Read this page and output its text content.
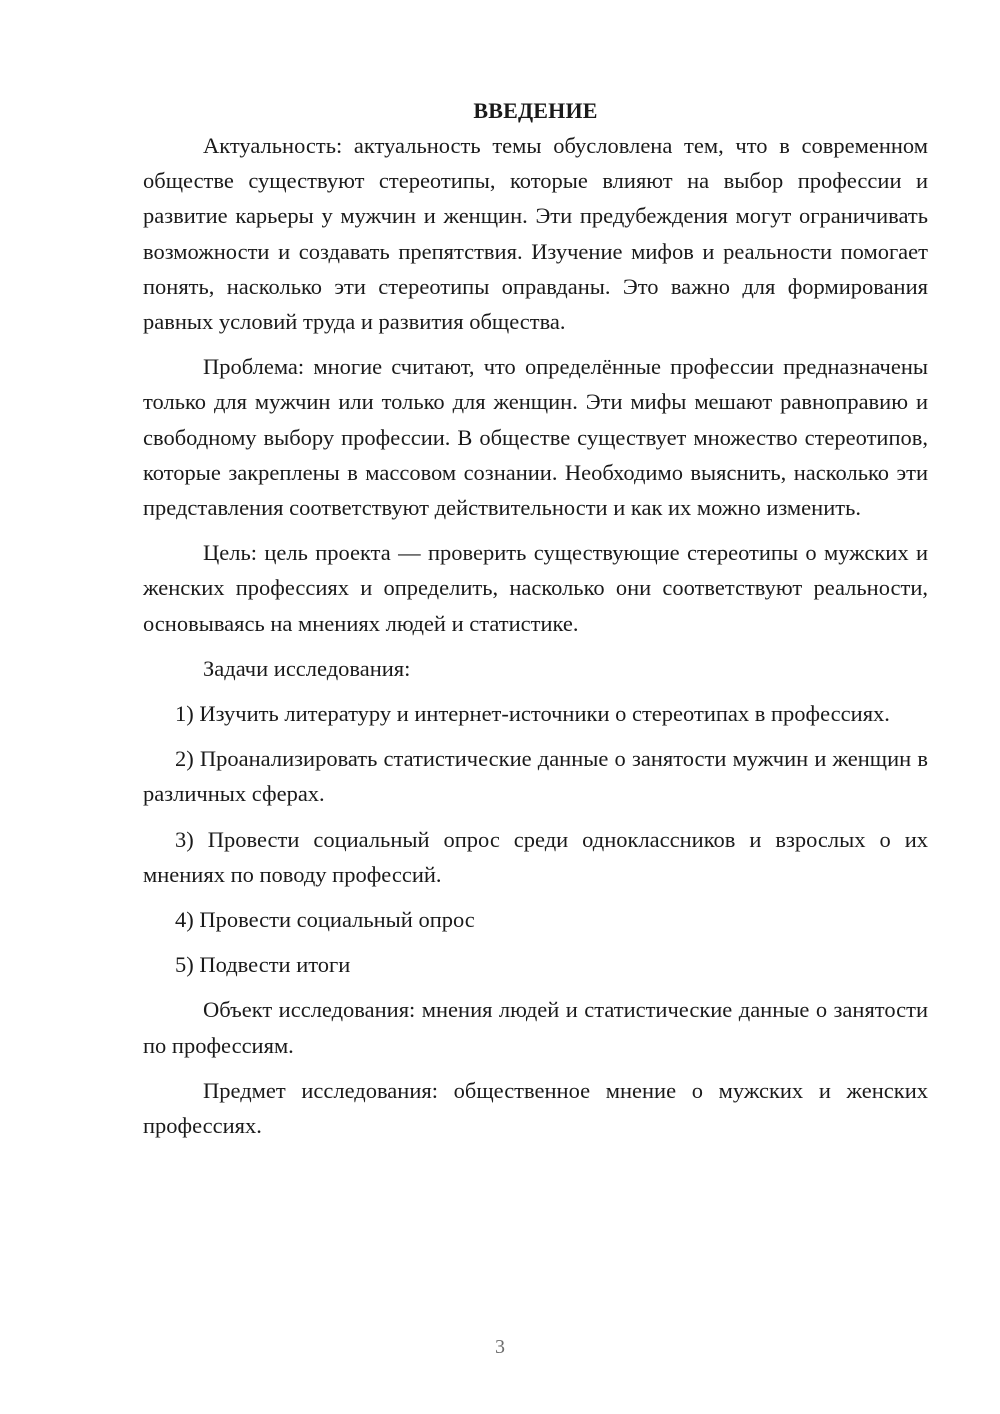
ВВЕДЕНИЕ

Актуальность: актуальность темы обусловлена тем, что в современном обществе существуют стереотипы, которые влияют на выбор профессии и развитие карьеры у мужчин и женщин. Эти предубеждения могут ограничивать возможности и создавать препятствия. Изучение мифов и реальности помогает понять, насколько эти стереотипы оправданы. Это важно для формирования равных условий труда и развития общества.

Проблема: многие считают, что определённые профессии предназначены только для мужчин или только для женщин. Эти мифы мешают равноправию и свободному выбору профессии. В обществе существует множество стереотипов, которые закреплены в массовом сознании. Необходимо выяснить, насколько эти представления соответствуют действительности и как их можно изменить.

Цель: цель проекта — проверить существующие стереотипы о мужских и женских профессиях и определить, насколько они соответствуют реальности, основываясь на мнениях людей и статистике.

Задачи исследования:

1) Изучить литературу и интернет-источники о стереотипах в профессиях.

2) Проанализировать статистические данные о занятости мужчин и женщин в различных сферах.

3) Провести социальный опрос среди одноклассников и взрослых о их мнениях по поводу профессий.

4) Провести социальный опрос

5) Подвести итоги

Объект исследования: мнения людей и статистические данные о занятости по профессиям.

Предмет исследования: общественное мнение о мужских и женских профессиях.

3
